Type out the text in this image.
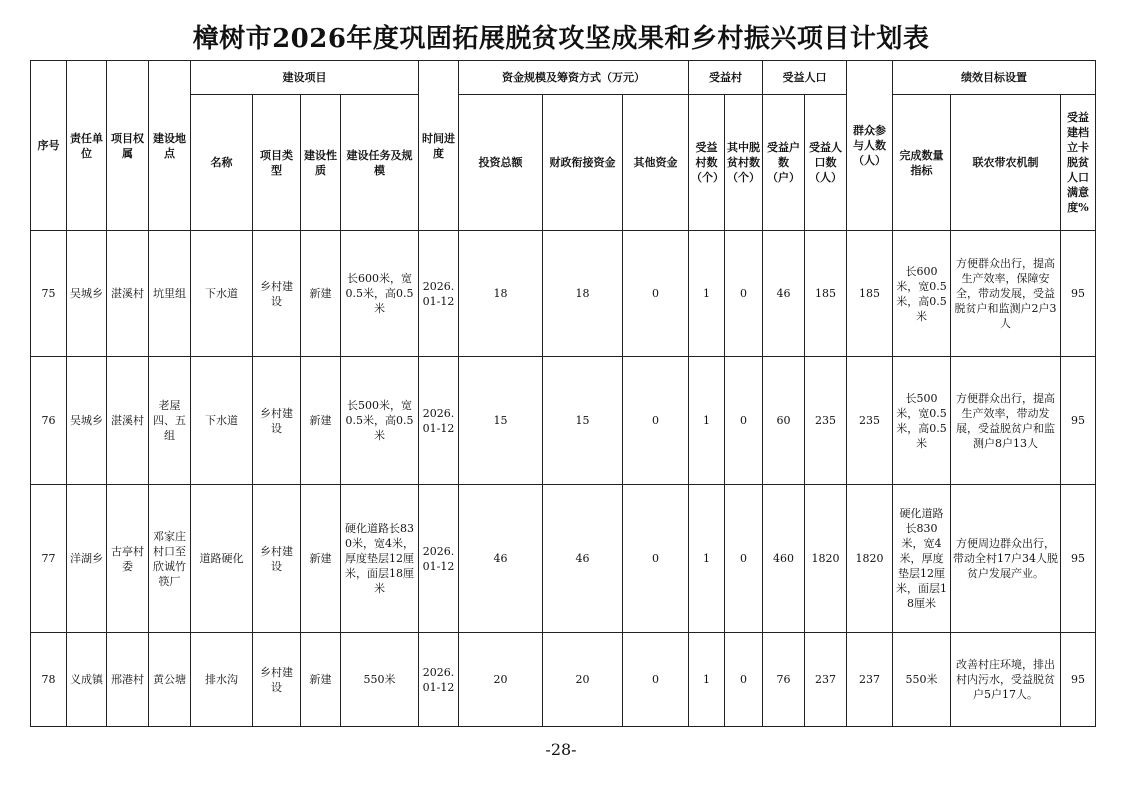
樟树市2026年度巩固拓展脱贫攻坚成果和乡村振兴项目计划表
序号	责任单位	项目权属	建设地点	建设项目				时间进度	资金规模及筹资方式（万元）			受益村		受益人口		群众参与人数（人）	绩效目标设置		
				名称	项目类型	建设性质	建设任务及规模		投资总额	财政衔接资金	其他资金	受益村数（个）	其中脱贫村数（个）	受益户数（户）	受益人口数（人）		完成数量指标	联农带农机制	受益建档立卡脱贫人口满意度%
75	吴城乡	湛溪村	坑里组	下水道	乡村建设	新建	长600米，宽0.5米，高0.5米	2026.01-12	18	18	0	1	0	46	185	185	长600米，宽0.5米，高0.5米	方便群众出行，提高生产效率，保障安全，带动发展，受益脱贫户和监测户2户3人	95
76	吴城乡	湛溪村	老屋四、五组	下水道	乡村建设	新建	长500米，宽0.5米，高0.5米	2026.01-12	15	15	0	1	0	60	235	235	长500米，宽0.5米，高0.5米	方便群众出行，提高生产效率，带动发展，受益脱贫户和监测户8户13人	95
77	洋湖乡	古亭村委	邓家庄村口至欣诚竹筷厂	道路硬化	乡村建设	新建	硬化道路长830米，宽4米，厚度垫层12厘米，面层18厘米	2026.01-12	46	46	0	1	0	460	1820	1820	硬化道路长830米，宽4米，厚度垫层12厘米，面层18厘米	方便周边群众出行，带动全村17户34人脱贫户发展产业。	95
78	义成镇	邢港村	黄公塘	排水沟	乡村建设	新建	550米	2026.01-12	20	20	0	1	0	76	237	237	550米	改善村庄环境，排出村内污水，受益脱贫户5户17人。	95
-28-
